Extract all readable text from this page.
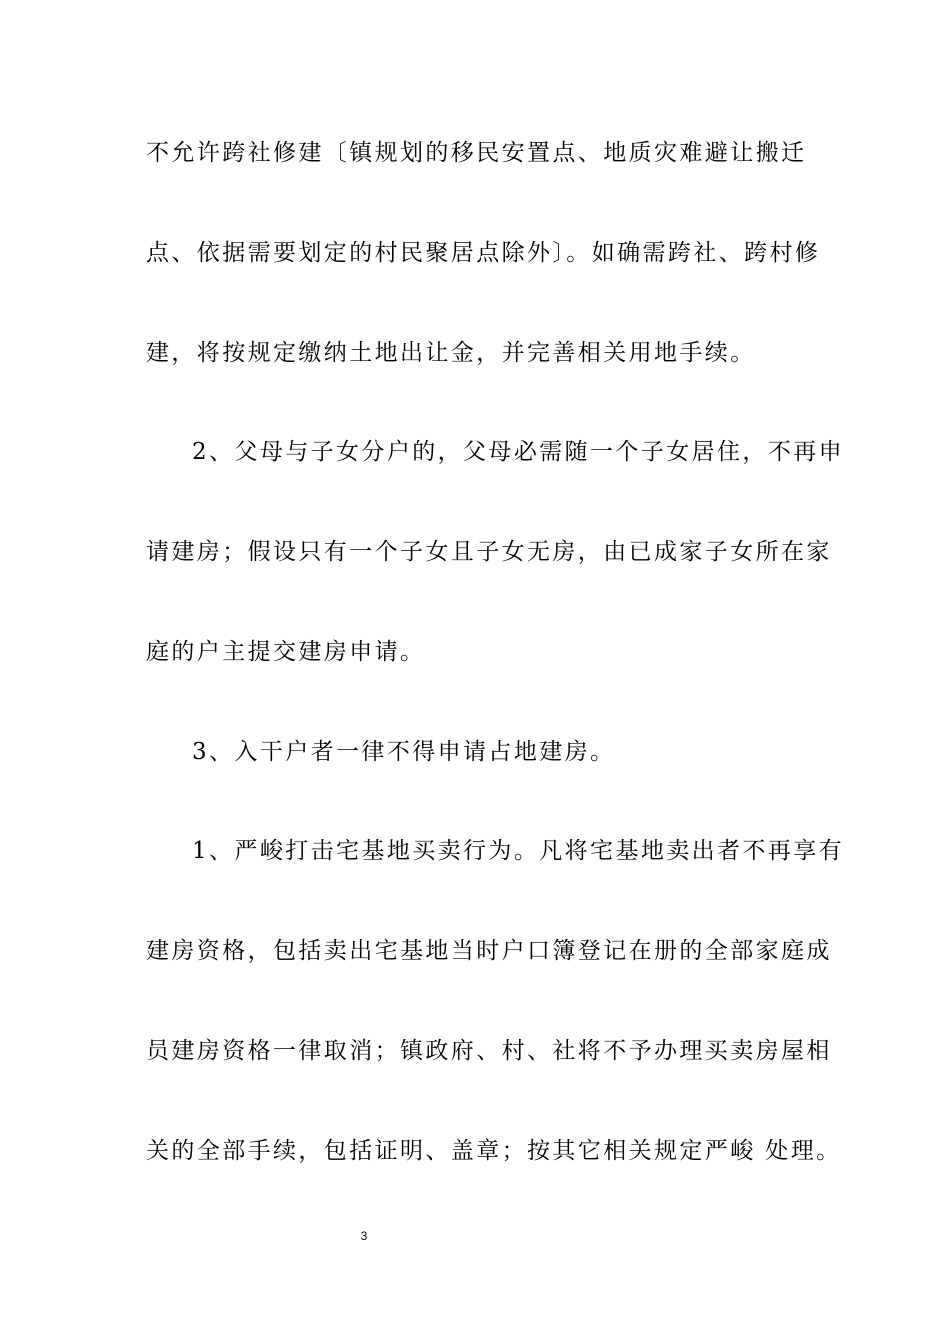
不允许跨社修建〔镇规划的移民安置点、地质灾难避让搬迁
点、依据需要划定的村民聚居点除外〕。如确需跨社、跨村修
建，将按规定缴纳土地出让金，并完善相关用地手续。
2、父母与子女分户的，父母必需随一个子女居住，不再申
请建房；假设只有一个子女且子女无房，由已成家子女所在家
庭的户主提交建房申请。
3、入干户者一律不得申请占地建房。
1、严峻打击宅基地买卖行为。凡将宅基地卖出者不再享有
建房资格，包括卖出宅基地当时户口簿登记在册的全部家庭成
员建房资格一律取消；镇政府、村、社将不予办理买卖房屋相
关的全部手续，包括证明、盖章；按其它相关规定严峻 处理。
3
